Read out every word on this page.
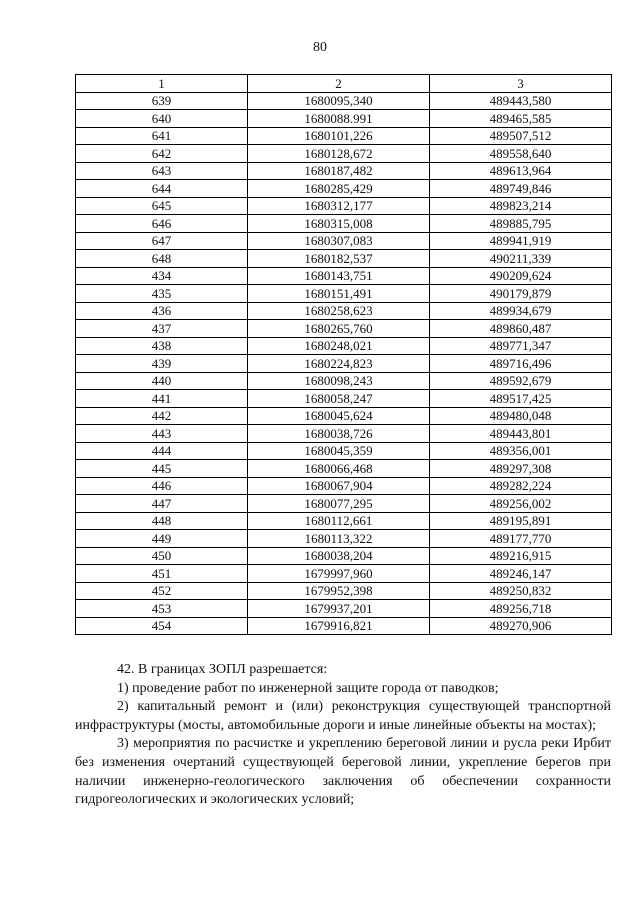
80
1	2	3
639	1680095,340	489443,580
640	1680088.991	489465,585
641	1680101,226	489507,512
642	1680128,672	489558,640
643	1680187,482	489613,964
644	1680285,429	489749,846
645	1680312,177	489823,214
646	1680315,008	489885,795
647	1680307,083	489941,919
648	1680182,537	490211,339
434	1680143,751	490209,624
435	1680151,491	490179,879
436	1680258,623	489934,679
437	1680265,760	489860,487
438	1680248,021	489771,347
439	1680224,823	489716,496
440	1680098,243	489592,679
441	1680058,247	489517,425
442	1680045,624	489480,048
443	1680038,726	489443,801
444	1680045,359	489356,001
445	1680066,468	489297,308
446	1680067,904	489282,224
447	1680077,295	489256,002
448	1680112,661	489195,891
449	1680113,322	489177,770
450	1680038,204	489216,915
451	1679997,960	489246,147
452	1679952,398	489250,832
453	1679937,201	489256,718
454	1679916,821	489270,906

42. В границах ЗОПЛ разрешается:

1) проведение работ по инженерной защите города от паводков;

2) капитальный ремонт и (или) реконструкция существующей транспортной инфраструктуры (мосты, автомобильные дороги и иные линейные объекты на мостах);

3) мероприятия по расчистке и укреплению береговой линии и русла реки Ирбит без изменения очертаний существующей береговой линии, укрепление берегов при наличии инженерно-геологического заключения об обеспечении сохранности гидрогеологических и экологических условий;
